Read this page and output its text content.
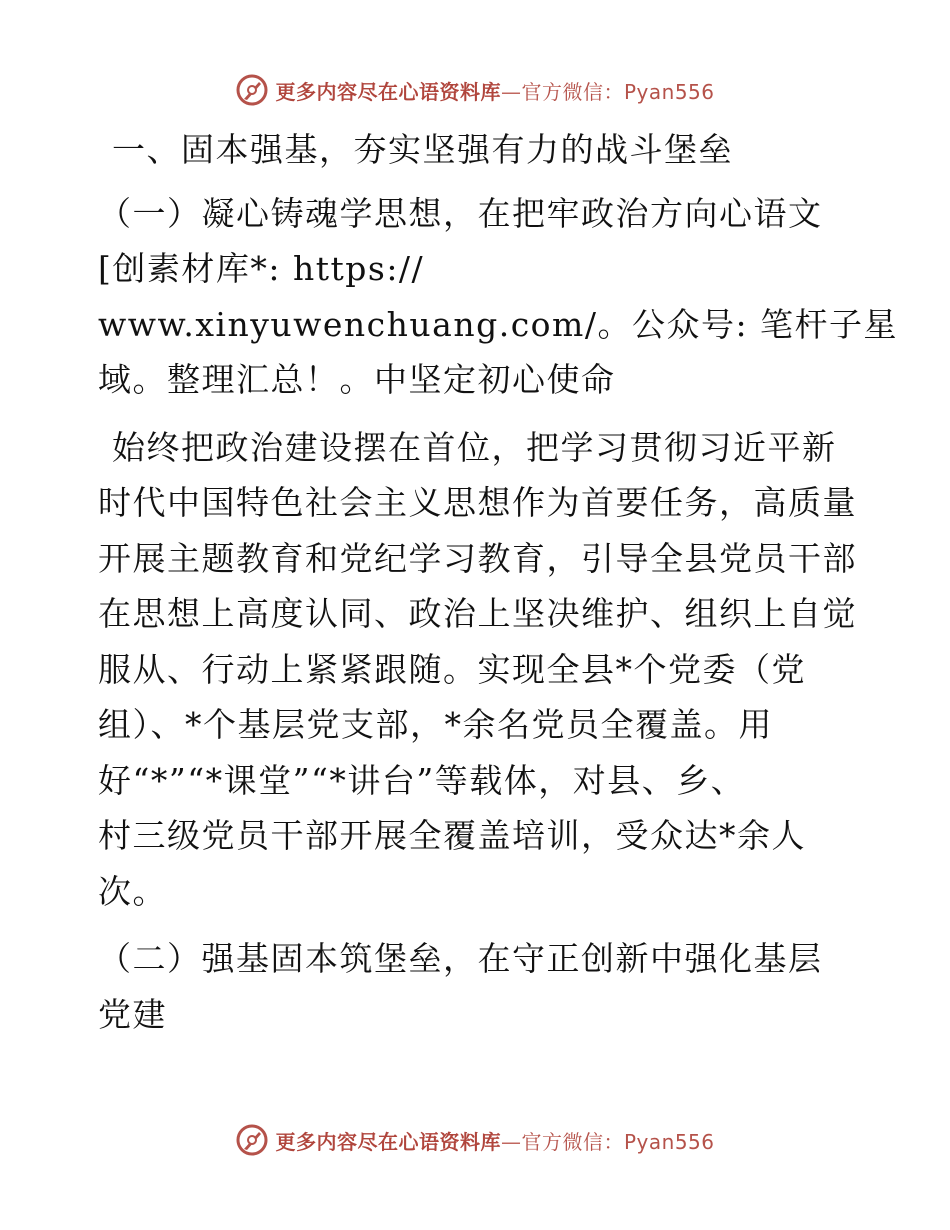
更多内容尽在心语资料库—官方微信：Pyan556
一、固本强基，夯实坚强有力的战斗堡垒
（一）凝心铸魂学思想，在把牢政治方向心语文
[创素材库*: https://
www.xinyuwenchuang.com/。公众号: 笔杆子星
域。整理汇总！。中坚定初心使命
始终把政治建设摆在首位，把学习贯彻习近平新
时代中国特色社会主义思想作为首要任务，高质量
开展主题教育和党纪学习教育，引导全县党员干部
在思想上高度认同、政治上坚决维护、组织上自觉
服从、行动上紧紧跟随。实现全县*个党委（党
组）、*个基层党支部，*余名党员全覆盖。用
好“*”“*课堂”“*讲台”等载体，对县、乡、
村三级党员干部开展全覆盖培训，受众达*余人
次。
（二）强基固本筑堡垒，在守正创新中强化基层
党建
更多内容尽在心语资料库—官方微信：Pyan556
